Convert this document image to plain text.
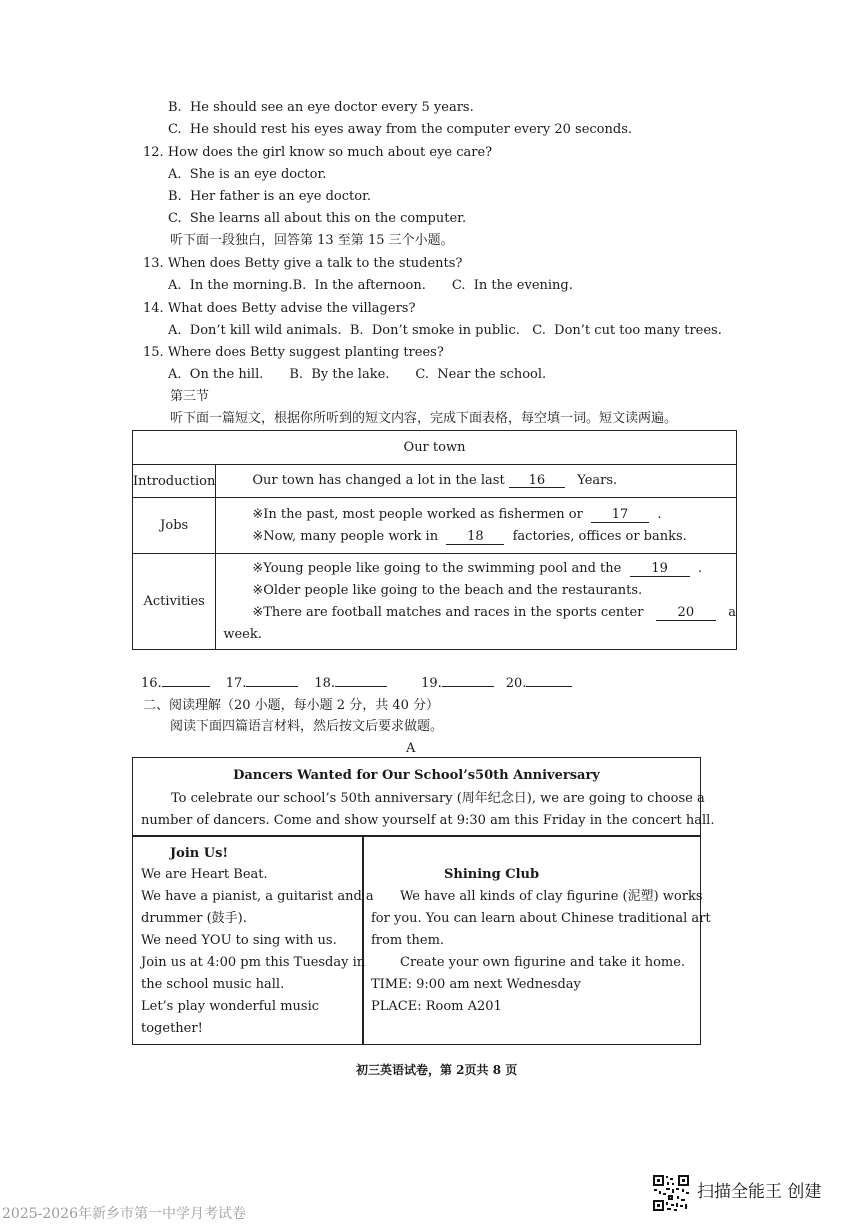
B. He should see an eye doctor every 5 years.
C. He should rest his eyes away from the computer every 20 seconds.
12. How does the girl know so much about eye care?
A. She is an eye doctor.
B. Her father is an eye doctor.
C. She learns all about this on the computer.
听下面一段独白，回答第 13 至第 15 三个小题。
13. When does Betty give a talk to the students?
A. In the morning.B. In the afternoon. C. In the evening.
14. What does Betty advise the villagers?
A. Don’t kill wild animals. B. Don’t smoke in public. C. Don’t cut too many trees.
15. Where does Betty suggest planting trees?
A. On the hill. B. By the lake. C. Near the school.
第三节
听下面一篇短文，根据你所听到的短文内容，完成下面表格，每空填一词。短文读两遍。
Our town	
Introduction	Our town has changed a lot in the last 16 Years.
Jobs	※In the past, most people worked as fishermen or 17 .
※Now, many people work in 18 factories, offices or banks.

Activities	※Young people like going to the swimming pool and the 19 .
※Older people like going to the beach and the restaurants.
※There are football matches and races in the sports center 20 a
week.
16.	17.	18.	19.	20.
二、阅读理解（20 小题，每小题 2 分，共 40 分）
阅读下面四篇语言材料，然后按文后要求做题。
A
Dancers Wanted for Our School’s50th Anniversary
To celebrate our school’s 50th anniversary (周年纪念日), we are going to choose a
number of dancers. Come and show yourself at 9:30 am this Friday in the concert hall.
Join Us!
We are Heart Beat.
We have a pianist, a guitarist and a
drummer (鼓手).
We need YOU to sing with us.
Join us at 4:00 pm this Tuesday in
the school music hall.
Let’s play wonderful music
together!
Shining Club
We have all kinds of clay figurine (泥塑) works
for you. You can learn about Chinese traditional art
from them.
Create your own figurine and take it home.
TIME: 9:00 am next Wednesday
PLACE: Room A201
初三英语试卷，第 2页共 8 页
扫描全能王 创建
2025-2026年新乡市第一中学月考试卷
